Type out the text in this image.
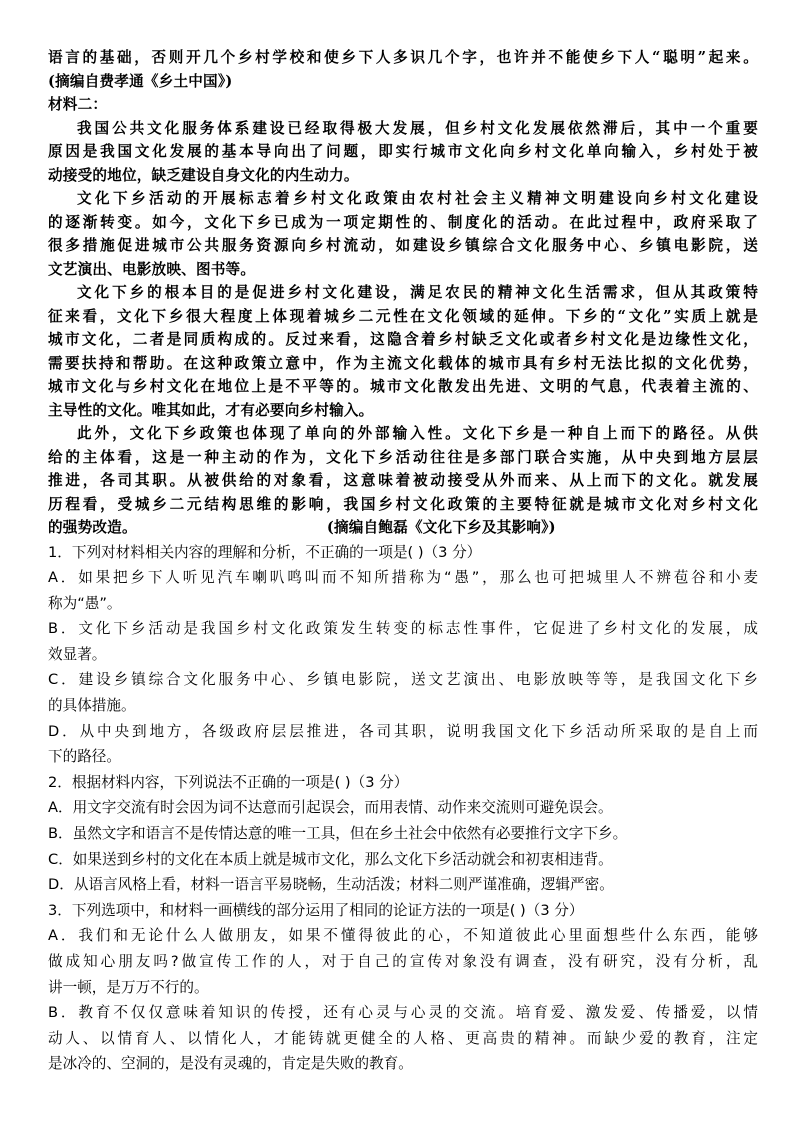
语言的基础，否则开几个乡村学校和使乡下人多识几个字，也许并不能使乡下人“聪明”起来。
(摘编自费孝通《乡土中国》)
材料二：
我国公共文化服务体系建设已经取得极大发展，但乡村文化发展依然滞后，其中一个重要
原因是我国文化发展的基本导向出了问题，即实行城市文化向乡村文化单向输入，乡村处于被
动接受的地位，缺乏建设自身文化的内生动力。
文化下乡活动的开展标志着乡村文化政策由农村社会主义精神文明建设向乡村文化建设
的逐渐转变。如今，文化下乡已成为一项定期性的、制度化的活动。在此过程中，政府采取了
很多措施促进城市公共服务资源向乡村流动，如建设乡镇综合文化服务中心、乡镇电影院，送
文艺演出、电影放映、图书等。
文化下乡的根本目的是促进乡村文化建设，满足农民的精神文化生活需求，但从其政策特
征来看，文化下乡很大程度上体现着城乡二元性在文化领域的延伸。下乡的“文化”实质上就是
城市文化，二者是同质构成的。反过来看，这隐含着乡村缺乏文化或者乡村文化是边缘性文化，
需要扶持和帮助。在这种政策立意中，作为主流文化载体的城市具有乡村无法比拟的文化优势，
城市文化与乡村文化在地位上是不平等的。城市文化散发出先进、文明的气息，代表着主流的、
主导性的文化。唯其如此，才有必要向乡村输入。
此外，文化下乡政策也体现了单向的外部输入性。文化下乡是一种自上而下的路径。从供
给的主体看，这是一种主动的作为，文化下乡活动往往是多部门联合实施，从中央到地方层层
推进，各司其职。从被供给的对象看，这意味着被动接受从外而来、从上而下的文化。就发展
历程看，受城乡二元结构思维的影响，我国乡村文化政策的主要特征就是城市文化对乡村文化
的强势改造。                                    (摘编自鲍磊《文化下乡及其影响》)
1．下列对材料相关内容的理解和分析，不正确的一项是( )（3 分）
A．如果把乡下人听见汽车喇叭鸣叫而不知所措称为“愚”，那么也可把城里人不辨苞谷和小麦
称为“愚”。
B．文化下乡活动是我国乡村文化政策发生转变的标志性事件，它促进了乡村文化的发展，成
效显著。
C．建设乡镇综合文化服务中心、乡镇电影院，送文艺演出、电影放映等等，是我国文化下乡
的具体措施。
D．从中央到地方，各级政府层层推进，各司其职，说明我国文化下乡活动所采取的是自上而
下的路径。
2．根据材料内容，下列说法不正确的一项是( )（3 分）
A．用文字交流有时会因为词不达意而引起误会，而用表情、动作来交流则可避免误会。
B．虽然文字和语言不是传情达意的唯一工具，但在乡土社会中依然有必要推行文字下乡。
C．如果送到乡村的文化在本质上就是城市文化，那么文化下乡活动就会和初衷相违背。
D．从语言风格上看，材料一语言平易晓畅，生动活泼；材料二则严谨准确，逻辑严密。
3．下列选项中，和材料一画横线的部分运用了相同的论证方法的一项是( )（3 分）
A．我们和无论什么人做朋友，如果不懂得彼此的心，不知道彼此心里面想些什么东西，能够
做成知心朋友吗?做宣传工作的人，对于自己的宣传对象没有调查，没有研究，没有分析，乱
讲一顿，是万万不行的。
B．教育不仅仅意味着知识的传授，还有心灵与心灵的交流。培育爱、激发爱、传播爱，以情
动人、以情育人、以情化人，才能铸就更健全的人格、更高贵的精神。而缺少爱的教育，注定
是冰冷的、空洞的，是没有灵魂的，肯定是失败的教育。
